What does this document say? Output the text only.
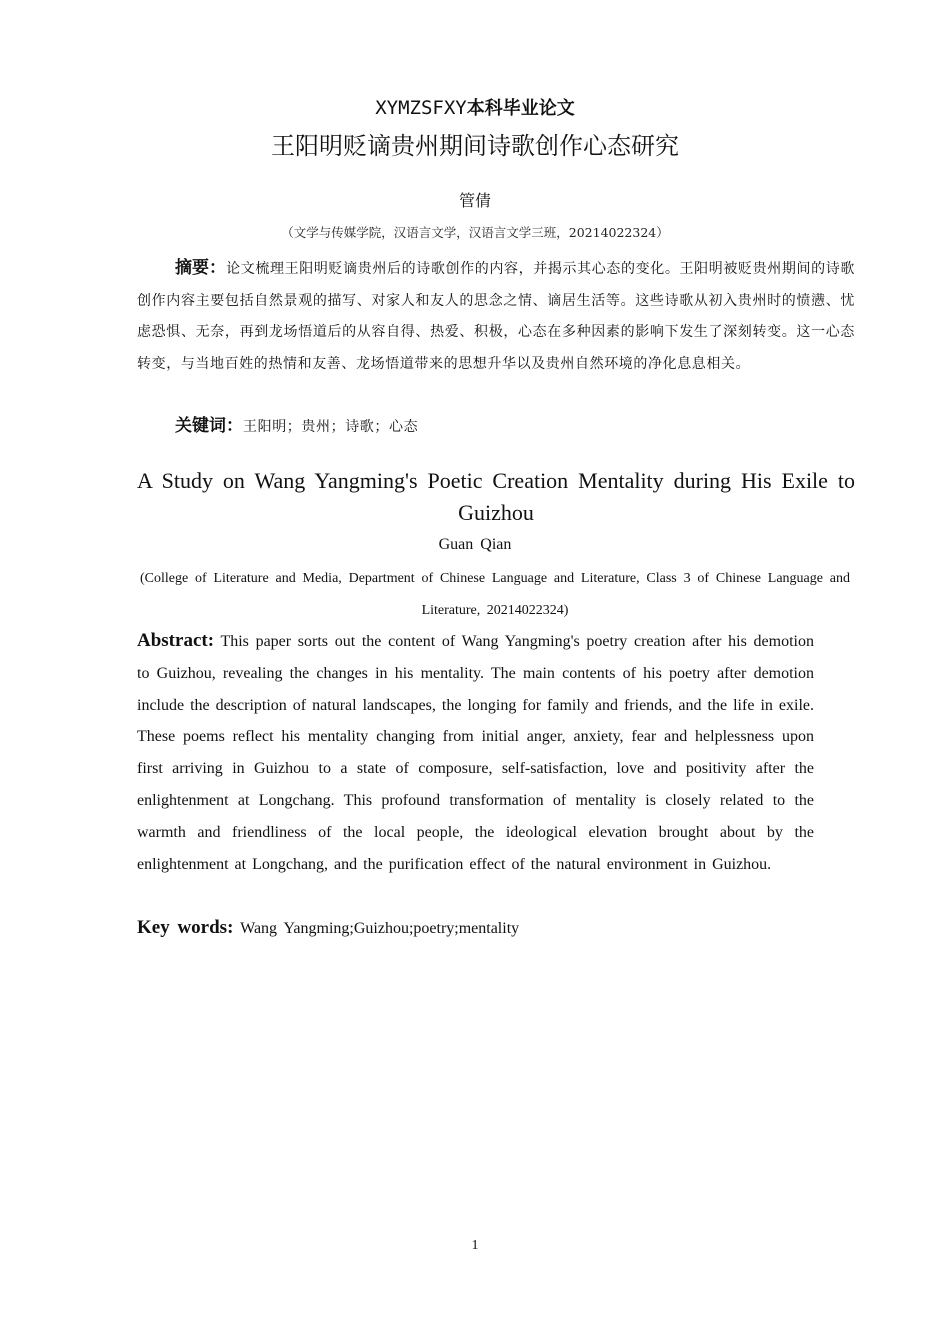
XYMZSFXY本科毕业论文
王阳明贬谪贵州期间诗歌创作心态研究
管倩
（文学与传媒学院，汉语言文学，汉语言文学三班，20214022324）

摘要：论文梳理王阳明贬谪贵州后的诗歌创作的内容，并揭示其心态的变化。王阳明被贬贵州期间的诗歌创作内容主要包括自然景观的描写、对家人和友人的思念之情、谪居生活等。这些诗歌从初入贵州时的愤懑、忧虑恐惧、无奈，再到龙场悟道后的从容自得、热爱、积极，心态在多种因素的影响下发生了深刻转变。这一心态转变，与当地百姓的热情和友善、龙场悟道带来的思想升华以及贵州自然环境的净化息息相关。

关键词：王阳明；贵州；诗歌；心态

A Study on Wang Yangming's Poetic Creation Mentality during His Exile to Guizhou

Guan Qian

(College of Literature and Media, Department of Chinese Language and Literature, Class 3 of Chinese Language and Literature, 20214022324)

Abstract: This paper sorts out the content of Wang Yangming's poetry creation after his demotion to Guizhou, revealing the changes in his mentality. The main contents of his poetry after demotion include the description of natural landscapes, the longing for family and friends, and the life in exile. These poems reflect his mentality changing from initial anger, anxiety, fear and helplessness upon first arriving in Guizhou to a state of composure, self-satisfaction, love and positivity after the enlightenment at Longchang. This profound transformation of mentality is closely related to the warmth and friendliness of the local people, the ideological elevation brought about by the enlightenment at Longchang, and the purification effect of the natural environment in Guizhou.

Key words: Wang Yangming;Guizhou;poetry;mentality
1
